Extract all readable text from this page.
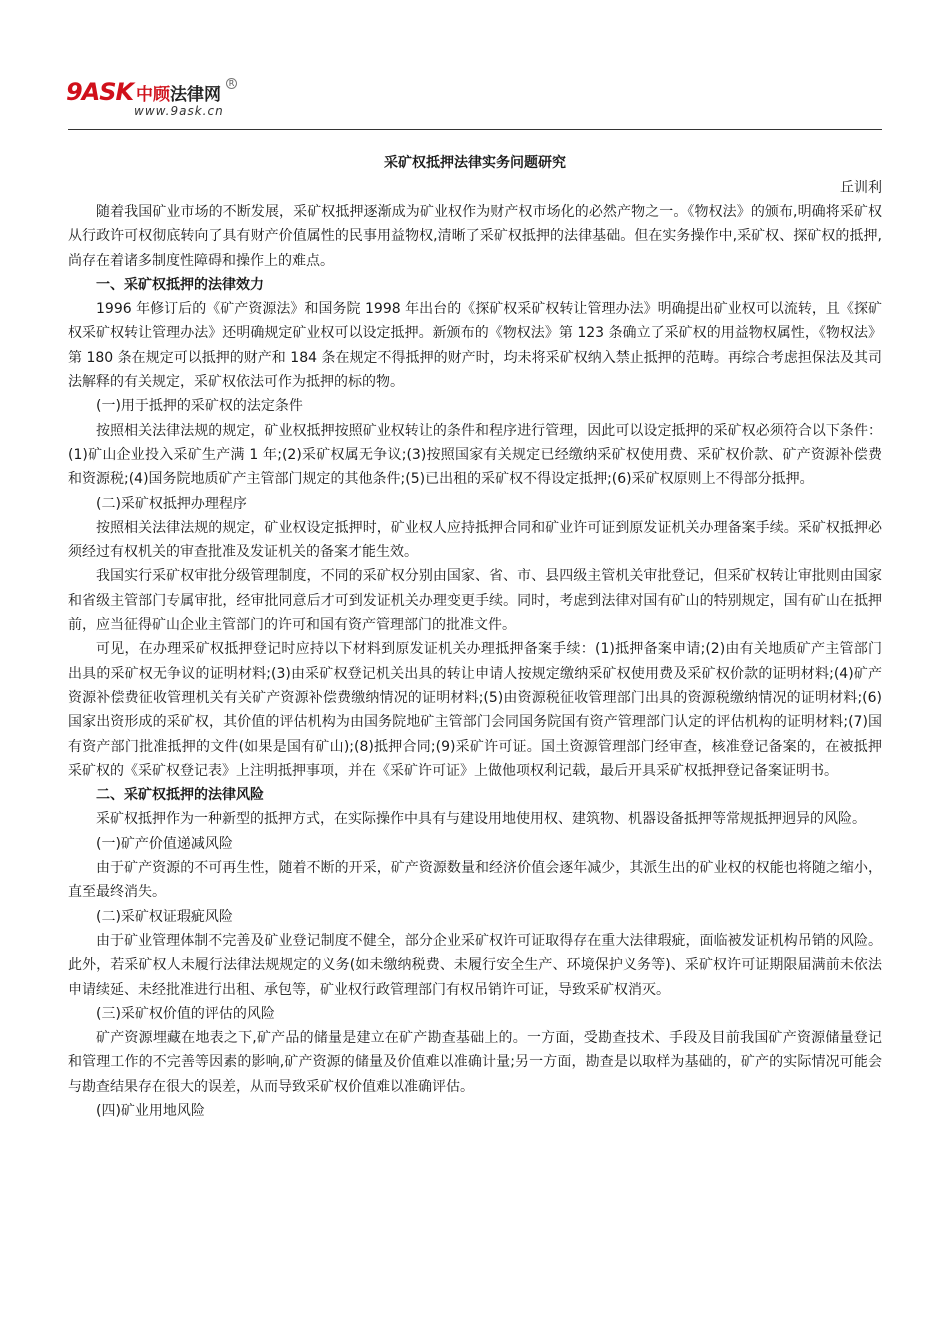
9ASK 中顾法律网
R
www.9ask.cn
采矿权抵押法律实务问题研究
丘训利

随着我国矿业市场的不断发展，采矿权抵押逐渐成为矿业权作为财产权市场化的必然产物之一。《物权法》的颁布,明确将采矿权从行政许可权彻底转向了具有财产价值属性的民事用益物权,清晰了采矿权抵押的法律基础。但在实务操作中,采矿权、探矿权的抵押,尚存在着诸多制度性障碍和操作上的难点。

一、采矿权抵押的法律效力

1996 年修订后的《矿产资源法》和国务院 1998 年出台的《探矿权采矿权转让管理办法》明确提出矿业权可以流转，且《探矿权采矿权转让管理办法》还明确规定矿业权可以设定抵押。新颁布的《物权法》第 123 条确立了采矿权的用益物权属性，《物权法》第 180 条在规定可以抵押的财产和 184 条在规定不得抵押的财产时，均未将采矿权纳入禁止抵押的范畴。再综合考虑担保法及其司法解释的有关规定，采矿权依法可作为抵押的标的物。

(一)用于抵押的采矿权的法定条件

按照相关法律法规的规定，矿业权抵押按照矿业权转让的条件和程序进行管理，因此可以设定抵押的采矿权必须符合以下条件：(1)矿山企业投入采矿生产满 1 年;(2)采矿权属无争议;(3)按照国家有关规定已经缴纳采矿权使用费、采矿权价款、矿产资源补偿费和资源税;(4)国务院地质矿产主管部门规定的其他条件;(5)已出租的采矿权不得设定抵押;(6)采矿权原则上不得部分抵押。

(二)采矿权抵押办理程序

按照相关法律法规的规定，矿业权设定抵押时，矿业权人应持抵押合同和矿业许可证到原发证机关办理备案手续。采矿权抵押必须经过有权机关的审查批准及发证机关的备案才能生效。

我国实行采矿权审批分级管理制度，不同的采矿权分别由国家、省、市、县四级主管机关审批登记，但采矿权转让审批则由国家和省级主管部门专属审批，经审批同意后才可到发证机关办理变更手续。同时，考虑到法律对国有矿山的特别规定，国有矿山在抵押前，应当征得矿山企业主管部门的许可和国有资产管理部门的批准文件。

可见，在办理采矿权抵押登记时应持以下材料到原发证机关办理抵押备案手续：(1)抵押备案申请;(2)由有关地质矿产主管部门出具的采矿权无争议的证明材料;(3)由采矿权登记机关出具的转让申请人按规定缴纳采矿权使用费及采矿权价款的证明材料;(4)矿产资源补偿费征收管理机关有关矿产资源补偿费缴纳情况的证明材料;(5)由资源税征收管理部门出具的资源税缴纳情况的证明材料;(6)国家出资形成的采矿权，其价值的评估机构为由国务院地矿主管部门会同国务院国有资产管理部门认定的评估机构的证明材料;(7)国有资产部门批准抵押的文件(如果是国有矿山);(8)抵押合同;(9)采矿许可证。国土资源管理部门经审查，核准登记备案的，在被抵押采矿权的《采矿权登记表》上注明抵押事项，并在《采矿许可证》上做他项权利记载，最后开具采矿权抵押登记备案证明书。

二、采矿权抵押的法律风险

采矿权抵押作为一种新型的抵押方式，在实际操作中具有与建设用地使用权、建筑物、机器设备抵押等常规抵押迥异的风险。

(一)矿产价值递减风险

由于矿产资源的不可再生性，随着不断的开采，矿产资源数量和经济价值会逐年减少，其派生出的矿业权的权能也将随之缩小，直至最终消失。

(二)采矿权证瑕疵风险

由于矿业管理体制不完善及矿业登记制度不健全，部分企业采矿权许可证取得存在重大法律瑕疵，面临被发证机构吊销的风险。此外，若采矿权人未履行法律法规规定的义务(如未缴纳税费、未履行安全生产、环境保护义务等)、采矿权许可证期限届满前未依法申请续延、未经批准进行出租、承包等，矿业权行政管理部门有权吊销许可证，导致采矿权消灭。

(三)采矿权价值的评估的风险

矿产资源埋藏在地表之下,矿产品的储量是建立在矿产勘查基础上的。一方面，受勘查技术、手段及目前我国矿产资源储量登记和管理工作的不完善等因素的影响,矿产资源的储量及价值难以准确计量;另一方面，勘查是以取样为基础的，矿产的实际情况可能会与勘查结果存在很大的误差，从而导致采矿权价值难以准确评估。

(四)矿业用地风险
